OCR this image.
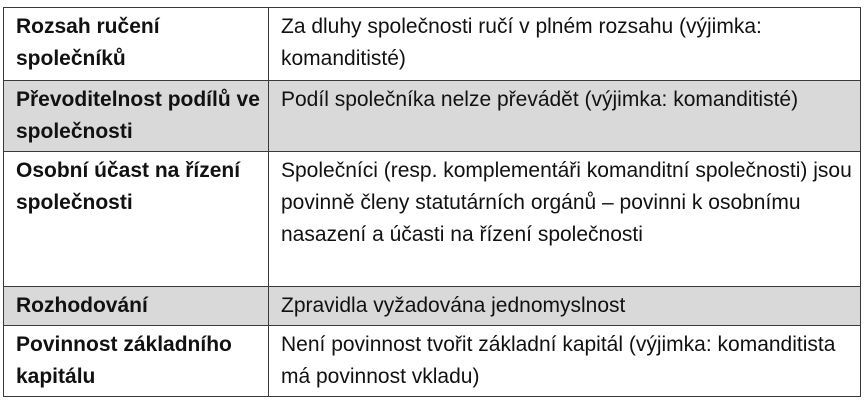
Rozsah ručení společníků	Za dluhy společnosti ručí v plném rozsahu (výjimka: komanditisté)
Převoditelnost podílů ve společnosti	Podíl společníka nelze převádět (výjimka: komanditisté)
Osobní účast na řízení společnosti	Společníci (resp. komplementáři komanditní společnosti) jsou povinně členy statutárních orgánů – povinni k osobnímu nasazení a účasti na řízení společnosti
Rozhodování	Zpravidla vyžadována jednomyslnost
Povinnost základního kapitálu	Není povinnost tvořit základní kapitál (výjimka: komanditista má povinnost vkladu)
